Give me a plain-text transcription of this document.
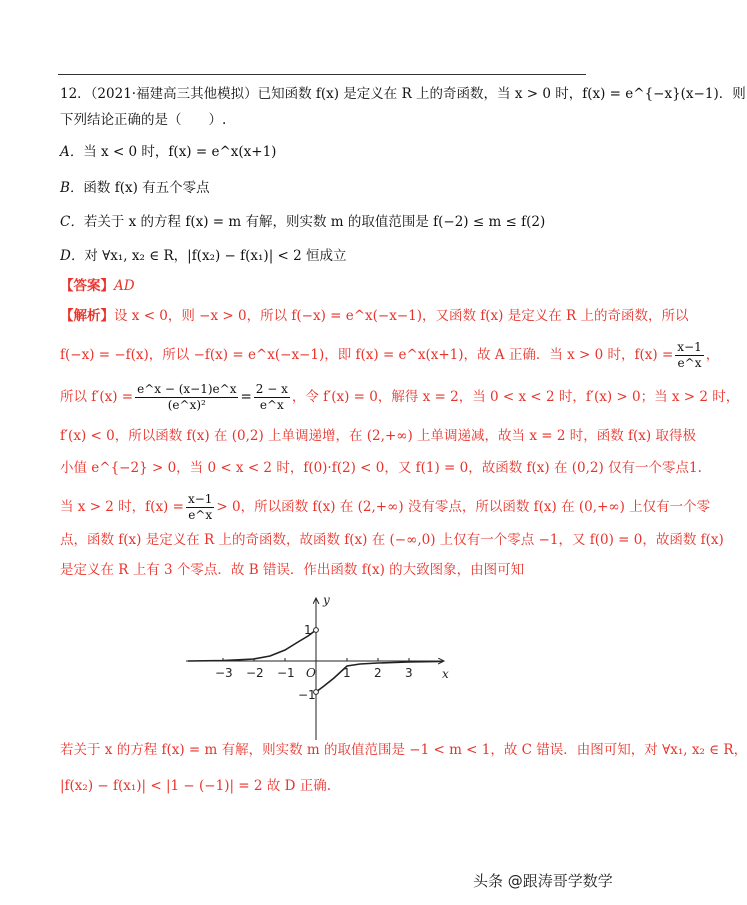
12．（2021·福建高三其他模拟）已知函数 f(x) 是定义在 R 上的奇函数，当 x > 0 时，f(x) = e^{−x}(x−1)．则
下列结论正确的是（　　）.
A．当 x < 0 时，f(x) = e^x(x+1)
B．函数 f(x) 有五个零点
C．若关于 x 的方程 f(x) = m 有解，则实数 m 的取值范围是 f(−2) ≤ m ≤ f(2)
D．对 ∀x₁, x₂ ∈ R，|f(x₂) − f(x₁)| < 2 恒成立
【答案】AD
【解析】设 x < 0，则 −x > 0，所以 f(−x) = e^x(−x−1)，又函数 f(x) 是定义在 R 上的奇函数，所以
f(−x) = −f(x)，所以 −f(x) = e^x(−x−1)，即 f(x) = e^x(x+1)，故 A 正确．当 x > 0 时，$f(x) = \frac{x-1}{e\^{}x}$ ，
所以 $f'(x) = \frac{e\^{}x - (x-1)e\^{}x}{\text{(e\textasciicircum{}x)²}} = \frac{2 - x}{e\^{}x}$ ，令 f′(x) = 0，解得 x = 2，当 0 < x < 2 时，f′(x) > 0；当 x > 2 时，
f′(x) < 0，所以函数 f(x) 在 (0,2) 上单调递增，在 (2,+∞) 上单调递减，故当 x = 2 时，函数 f(x) 取得极
小值 e^{−2} > 0，当 0 < x < 2 时，f(0)·f(2) < 0，又 f(1) = 0，故函数 f(x) 在 (0,2) 仅有一个零点1.
当 x > 2 时，$f(x) = \frac{x-1}{e\^{}x} > 0$，所以函数 f(x) 在 (2,+∞) 没有零点，所以函数 f(x) 在 (0,+∞) 上仅有一个零
点，函数 f(x) 是定义在 R 上的奇函数，故函数 f(x) 在 (−∞,0) 上仅有一个零点 −1，又 f(0) = 0，故函数 f(x)
是定义在 R 上有 3 个零点．故 B 错误．作出函数 f(x) 的大致图象，由图可知
y
x
O
−3 −2 −1	1 2 3
1
−1
若关于 x 的方程 f(x) = m 有解，则实数 m 的取值范围是 −1 < m < 1，故 C 错误．由图可知，对 ∀x₁, x₂ ∈ R，
|f(x₂) − f(x₁)| < |1 − (−1)| = 2 故 D 正确.
头条 @跟涛哥学数学
